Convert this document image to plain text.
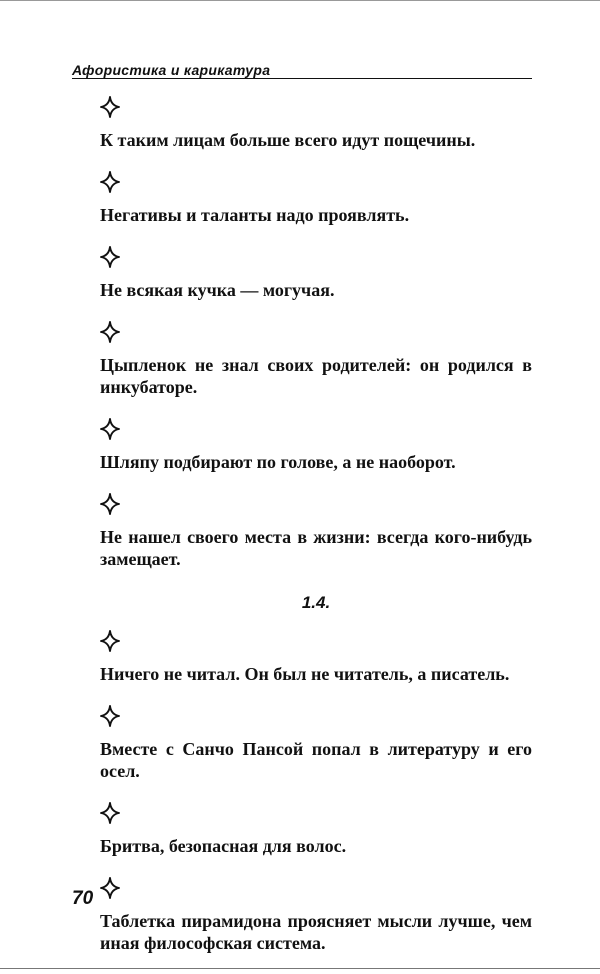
Афористика и карикатура

К таким лицам больше всего идут пощечины.

Негативы и таланты надо проявлять.

Не всякая кучка — могучая.

Цыпленок не знал своих родителей: он родился в инкубаторе.

Шляпу подбирают по голове, а не наоборот.

Не нашел своего места в жизни: всегда кого-нибудь замещает.

1.4.

Ничего не читал. Он был не читатель, а писатель.

Вместе с Санчо Пансой попал в литературу и его осел.

Бритва, безопасная для волос.

Таблетка пирамидона проясняет мысли лучше, чем иная философская система.

70
